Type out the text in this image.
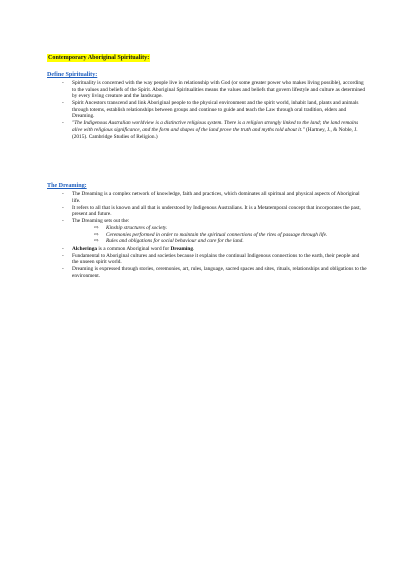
Contemporary Aboriginal Spirituality:
Define Spirituality:
- Spirituality is concerned with the way people live in relationship with God (or some greater power who makes living possible), according to the values and beliefs of the Spirit. Aboriginal Spiritualities means the values and beliefs that govern lifestyle and culture as determined by every living creature and the landscape.
- Spirit Ancestors transcend and link Aboriginal people to the physical environment and the spirit world, inhabit land, plants and animals through totems, establish relationships between groups and continue to guide and teach the Law through oral tradition, elders and Dreaming.
- "The Indigenous Australian worldview is a distinctive religious system. There is a religion strongly linked to the land; the land remains alive with religious significance, and the form and shapes of the land prove the truth and myths told about it." (Hartney, J., & Noble, J. (2015). Cambridge Studies of Religion.)
The Dreaming:
- The Dreaming is a complex network of knowledge, faith and practices, which dominates all spiritual and physical aspects of Aboriginal life.
- It refers to all that is known and all that is understood by Indigenous Australians. It is a Metatemporal concept that incorporates the past, present and future.
- The Dreaming sets out the:
⇨ Kinship structures of society.
⇨ Ceremonies performed in order to maintain the spiritual connections of the rites of passage through life.
⇨ Rules and obligations for social behaviour and care for the land.
- Alcheringa is a common Aboriginal word for Dreaming.
- Fundamental to Aboriginal cultures and societies because it explains the continual Indigenous connections to the earth, their people and the unseen spirit world.
- Dreaming is expressed through stories, ceremonies, art, rules, language, sacred spaces and sites, rituals, relationships and obligations to the environment.
